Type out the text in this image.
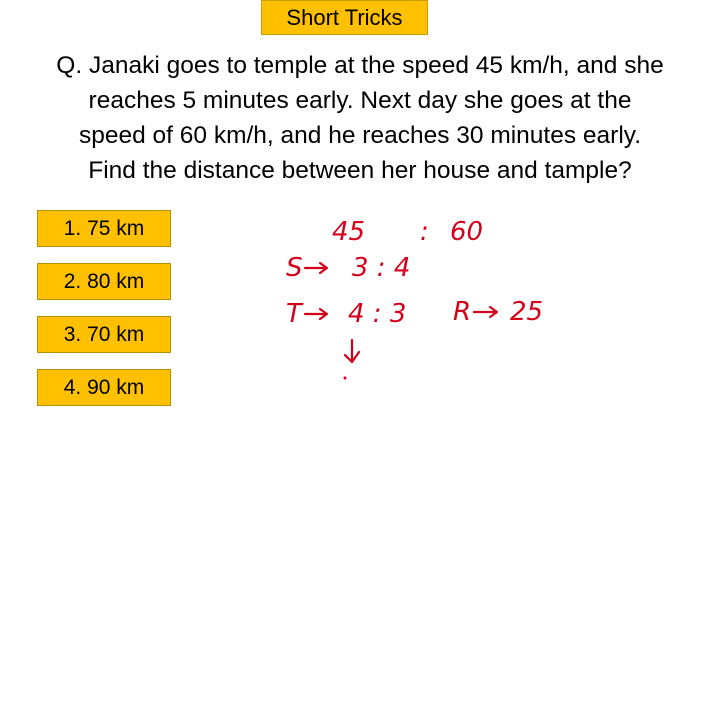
Short Tricks
Q. Janaki goes to temple at the speed 45 km/h, and she
reaches 5 minutes early. Next day she goes at the
speed of 60 km/h, and he reaches 30 minutes early.
Find the distance between her house and tample?
1. 75 km
2. 80 km
3. 70 km
4. 90 km
45 : 60
S 3 : 4
T 4 : 3 R 25
